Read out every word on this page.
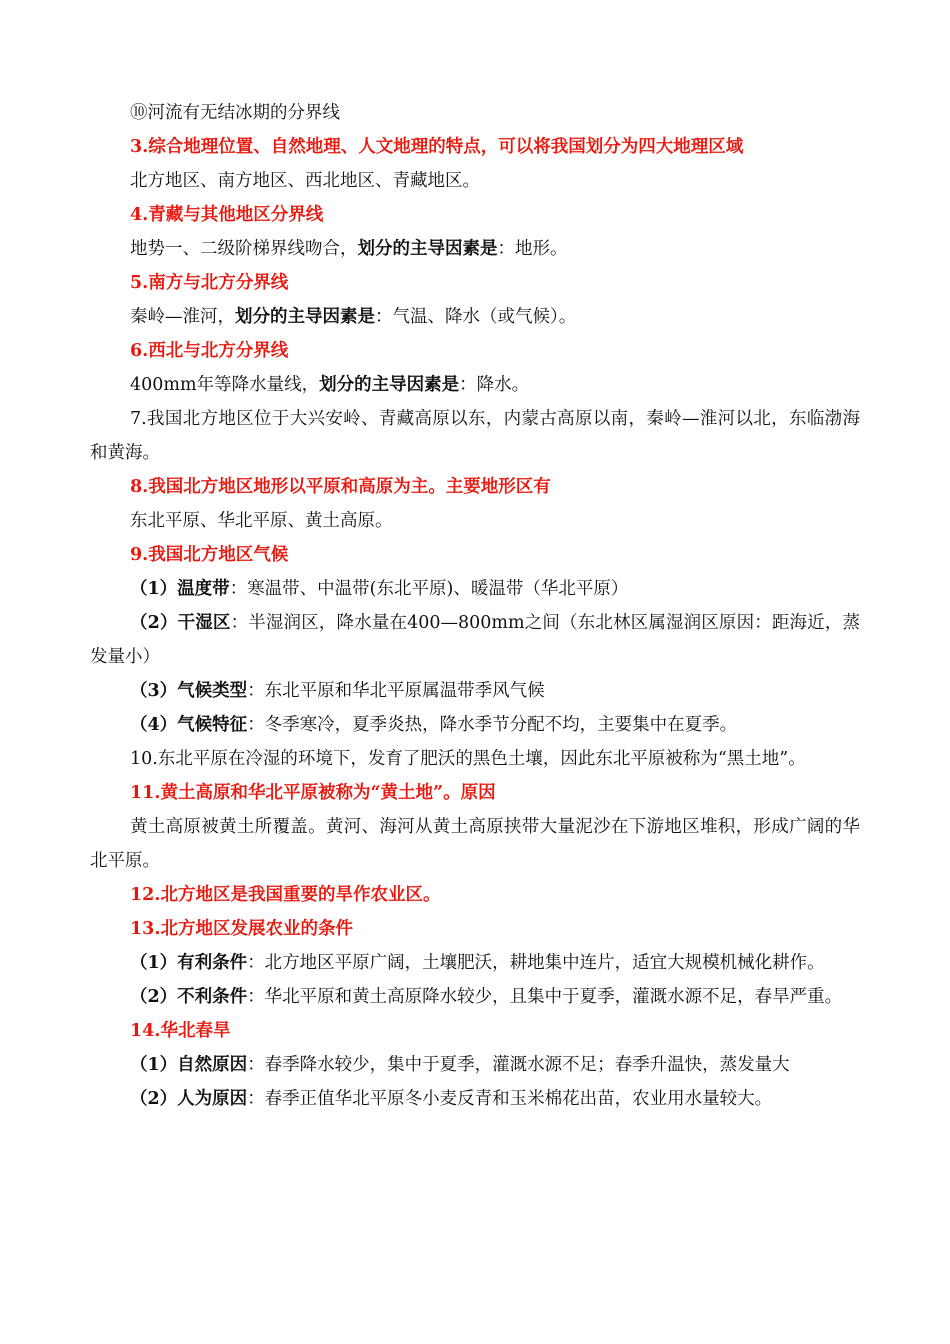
⑩河流有无结冰期的分界线

3.综合地理位置、自然地理、人文地理的特点，可以将我国划分为四大地理区域

北方地区、南方地区、西北地区、青藏地区。

4.青藏与其他地区分界线

地势一、二级阶梯界线吻合，划分的主导因素是：地形。

5.南方与北方分界线

秦岭—淮河，划分的主导因素是：气温、降水（或气候）。

6.西北与北方分界线

400mm年等降水量线，划分的主导因素是：降水。

7.我国北方地区位于大兴安岭、青藏高原以东，内蒙古高原以南，秦岭—淮河以北，东临渤海和黄海。

8.我国北方地区地形以平原和高原为主。主要地形区有

东北平原、华北平原、黄土高原。

9.我国北方地区气候

（1）温度带：寒温带、中温带(东北平原)、暖温带（华北平原）

（2）干湿区：半湿润区，降水量在400—800mm之间（东北林区属湿润区原因：距海近，蒸发量小）

（3）气候类型：东北平原和华北平原属温带季风气候

（4）气候特征：冬季寒冷，夏季炎热，降水季节分配不均，主要集中在夏季。

10.东北平原在冷湿的环境下，发育了肥沃的黑色土壤，因此东北平原被称为“黑土地”。

11.黄土高原和华北平原被称为“黄土地”。原因

黄土高原被黄土所覆盖。黄河、海河从黄土高原挟带大量泥沙在下游地区堆积，形成广阔的华北平原。

12.北方地区是我国重要的旱作农业区。

13.北方地区发展农业的条件

（1）有利条件：北方地区平原广阔，土壤肥沃，耕地集中连片，适宜大规模机械化耕作。

（2）不利条件：华北平原和黄土高原降水较少，且集中于夏季，灌溉水源不足，春旱严重。

14.华北春旱

（1）自然原因：春季降水较少，集中于夏季，灌溉水源不足；春季升温快，蒸发量大

（2）人为原因：春季正值华北平原冬小麦反青和玉米棉花出苗，农业用水量较大。
